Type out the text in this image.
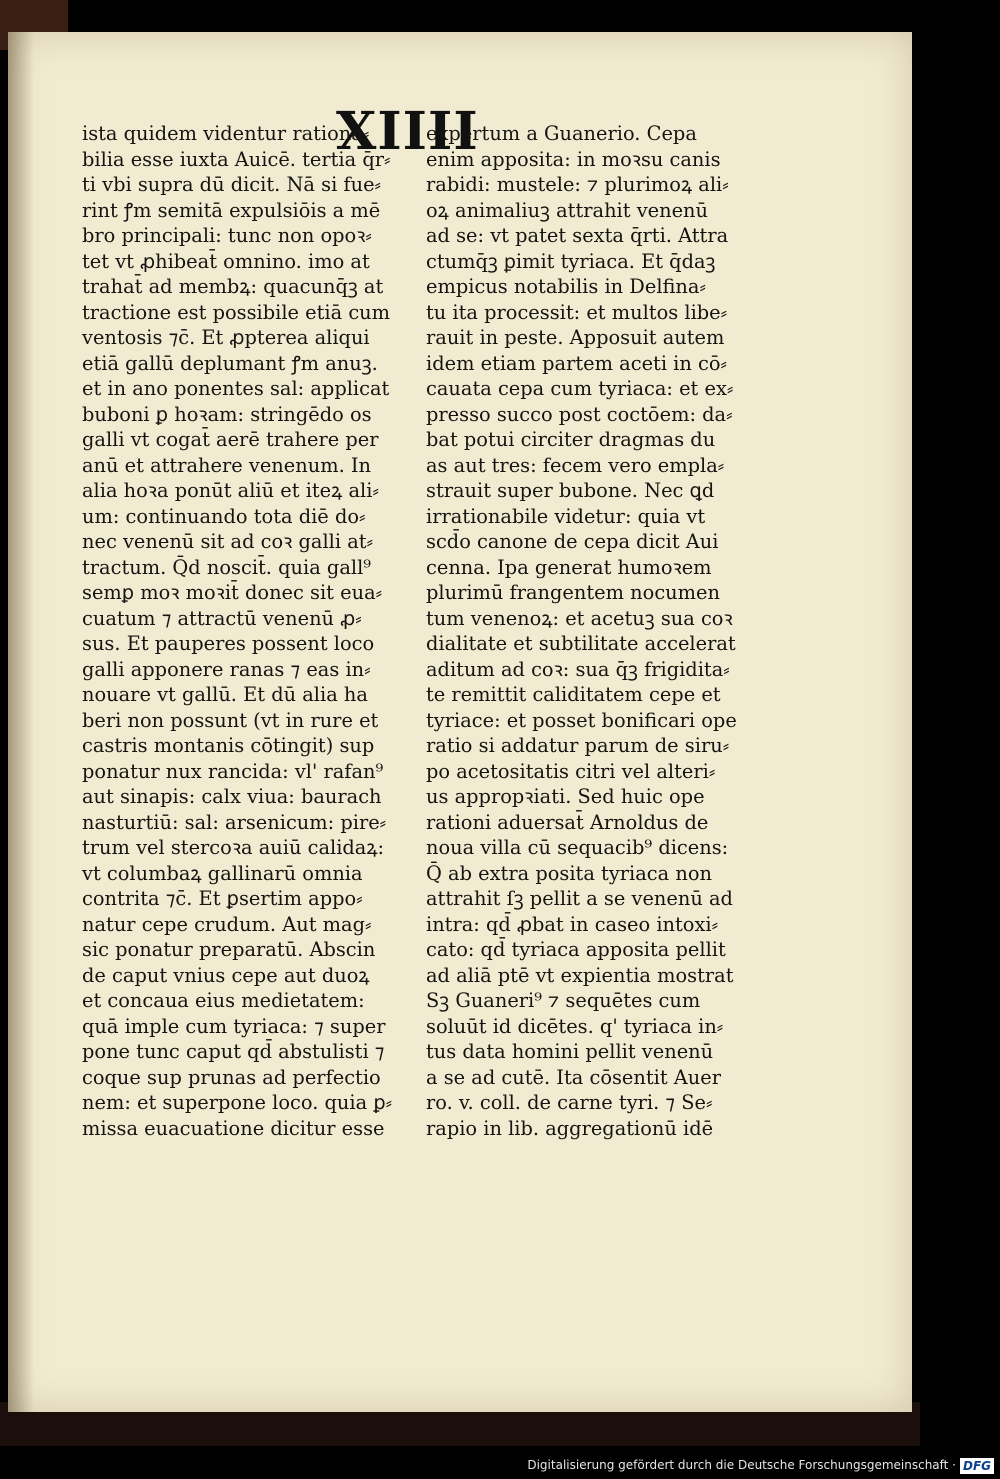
XIIII
ista quidem videntur rationa⸗
bilia esse iuxta Auicē. tertia q̄r⸗
ti vbi supra dū dicit. Nā si fue⸗
rint ꝭm semitā expulsiōis a mē
bro principali: tunc non opoꝛ⸗
tet vt ꝓhibeat̄ omnino. imo at
trahat̄ ad membꝝ: quacunq̄ꝫ at
tractione est possibile etiā cum
ventosis ⁊c̄. Et ꝓpterea aliqui
etiā gallū deplumant ꝭm anuꝫ.
et in ano ponentes sal: applicat
buboni ꝑ hoꝛam: stringēdo os
galli vt cogat̄ aerē trahere per
anū et attrahere venenum. In
alia hoꝛa ponūt aliū et iteꝝ ali⸗
um: continuando tota diē do⸗
nec venenū sit ad coꝛ galli at⸗
tractum. Q̄d noscit̄. quia gall⁹
semꝑ moꝛ moꝛit̄ donec sit eua⸗
cuatum ⁊ attractū venenū ꝓ⸗
sus. Et pauperes possent loco
galli apponere ranas ⁊ eas in⸗
nouare vt gallū. Et dū alia ha
beri non possunt (vt in rure et
castris montanis cōtingit) sup
ponatur nux rancida: vl' rafan⁹
aut sinapis: calx viua: baurach
nasturtiū: sal: arsenicum: pire⸗
trum vel stercoꝛa auiū calidaꝝ:
vt columbaꝝ gallinarū omnia
contrita ⁊c̄. Et ꝑsertim appo⸗
natur cepe crudum. Aut mag⸗
sic ponatur preparatū. Abscin
de caput vnius cepe aut duoꝝ
et concaua eius medietatem:
quā imple cum tyriaca: ⁊ super
pone tunc caput qd̄ abstulisti ⁊
coque sup prunas ad perfectio
nem: et superpone loco. quia ꝑ⸗
missa euacuatione dicitur esse
expertum a Guanerio. Cepa
enim apposita: in moꝛsu canis
rabidi: mustele: ⁊ plurimoꝝ ali⸗
oꝝ animaliuꝫ attrahit venenū
ad se: vt patet sexta q̄rti. Attra
ctumq̄ꝫ ꝑimit tyriaca. Et q̄daꝫ
empicus notabilis in Delfina⸗
tu ita processit: et multos libe⸗
rauit in peste. Apposuit autem
idem etiam partem aceti in cō⸗
cauata cepa cum tyriaca: et ex⸗
presso succo post coctōem: da⸗
bat potui circiter dragmas du
as aut tres: fecem vero empla⸗
strauit super bubone. Nec ꝗd
irrationabile videtur: quia vt
scd̄o canone de cepa dicit Aui
cenna. Ipa generat humoꝛem
plurimū frangentem nocumen
tum venenoꝝ: et acetuꝫ sua coꝛ
dialitate et subtilitate accelerat
aditum ad coꝛ: sua q̄ꝫ frigidita⸗
te remittit caliditatem cepe et
tyriace: et posset bonificari ope
ratio si addatur parum de siru⸗
po acetositatis citri vel alteri⸗
us appropꝛiati. Sed huic ope
rationi aduersat̄ Arnoldus de
noua villa cū sequacib⁹ dicens:
Q̄ ab extra posita tyriaca non
attrahit ſꝫ pellit a se venenū ad
intra: qd̄ ꝓbat in caseo intoxi⸗
cato: qd̄ tyriaca apposita pellit
ad aliā ptē vt expientia mostrat
Sꝫ Guaneri⁹ ⁊ sequētes cum
soluūt id dicētes. q' tyriaca in⸗
tus data homini pellit venenū
a se ad cutē. Ita cōsentit Auer
ro. v. coll. de carne tyri. ⁊ Se⸗
rapio in lib. aggregationū idē
Digitalisierung gefördert durch die Deutsche Forschungsgemeinschaft · DFG
